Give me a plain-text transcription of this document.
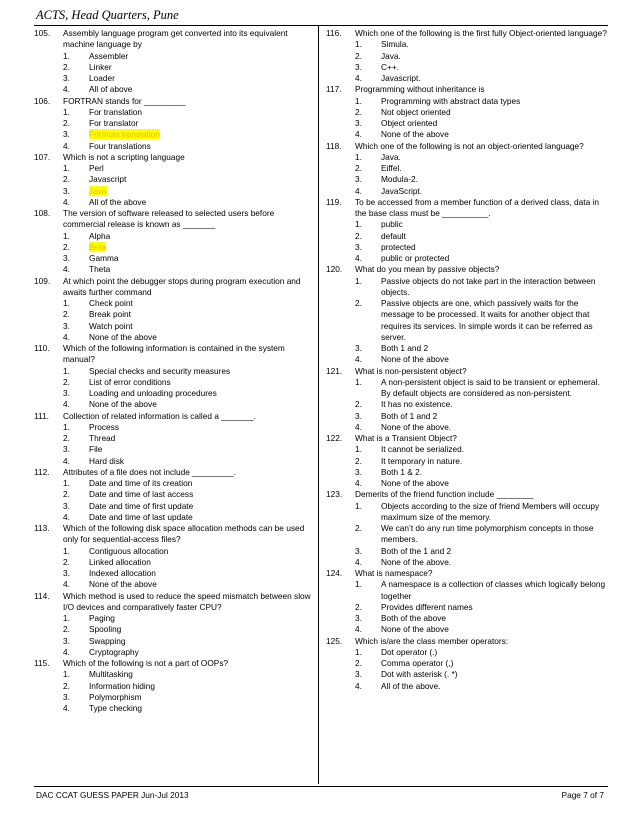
ACTS, Head Quarters, Pune
105.	Assembly language program get converted into its equivalent machine language by
1.	Assembler
2.	Linker
3.	Loader
4.	All of above
106.	FORTRAN stands for _________
1.	For translation
2.	For translator
3.	Formula translation
4.	Four translations
107.	Which is not a scripting language
1.	Perl
2.	Javascript
3.	Java
4.	All of the above
108.	The version of software released to selected users before commercial release is known as _______
1.	Alpha
2.	Beta
3.	Gamma
4.	Theta
109.	At which point the debugger stops during program execution and awaits further command
1.	Check point
2.	Break point
3.	Watch point
4.	None of the above
110.	Which of the following information is contained in the system manual?
1.	Special checks and security measures
2.	List of error conditions
3.	Loading and unloading procedures
4.	None of the above
111.	Collection of related information is called a _______.
1.	Process
2.	Thread
3.	File
4.	Hard disk
112.	Attributes of a file does not include _________.
1.	Date and time of its creation
2.	Date and time of last access
3.	Date and time of first update
4.	Date and time of last update
113.	Which of the following disk space allocation methods can be used only for sequential-access files?
1.	Contiguous allocation
2.	Linked allocation
3.	Indexed allocation
4.	None of the above
114.	Which method is used to reduce the speed mismatch between slow I/O devices and comparatively faster CPU?
1.	Paging
2.	Spooling
3.	Swapping
4.	Cryptography
115.	Which of the following is not a part of OOPs?
1.	Multitasking
2.	Information hiding
3.	Polymorphism
4.	Type checking
116.	Which one of the following is the first fully Object-oriented language?
1.	Simula.
2.	Java.
3.	C++.
4.	Javascript.
117.	Programming without inheritance is
1.	Programming with abstract data types
2.	Not object oriented
3.	Object oriented
4.	None of the above
118.	Which one of the following is not an object-oriented language?
1.	Java.
2.	Eiffel.
3.	Modula-2.
4.	JavaScript.
119.	To be accessed from a member function of a derived class, data in the base class must be __________.
1.	public
2.	default
3.	protected
4.	public or protected
120.	What do you mean by passive objects?
1.	Passive objects do not take part in the interaction between objects.
2.	Passive objects are one, which passively waits for the message to be processed. It waits for another object that requires its services. In simple words it can be referred as server.
3.	Both 1 and 2
4.	None of the above
121.	What is non-persistent object?
1.	A non-persistent object is said to be transient or ephemeral. By default objects are considered as non-persistent.
2.	It has no existence.
3.	Both of 1 and 2
4.	None of the above.
122.	What is a Transient Object?
1.	It cannot be serialized.
2.	It temporary in nature.
3.	Both 1 & 2.
4.	None of the above
123.	Demerits of the friend function include ________
1.	Objects according to the size of friend Members will occupy maximum size of the memory.
2.	We can’t do any run time polymorphism concepts in those members.
3.	Both of the 1 and 2
4.	None of the above.
124.	What is namespace?
1.	A namespace is a collection of classes which logically belong together
2.	Provides different names
3.	Both of the above
4.	None of the above
125.	Which is/are the class member operators:
1.	Dot operator (.)
2.	Comma operator (,)
3.	Dot with asterisk (. *)
4.	All of the above.
DAC CCAT GUESS PAPER Jun-Jul 2013	Page 7 of 7
